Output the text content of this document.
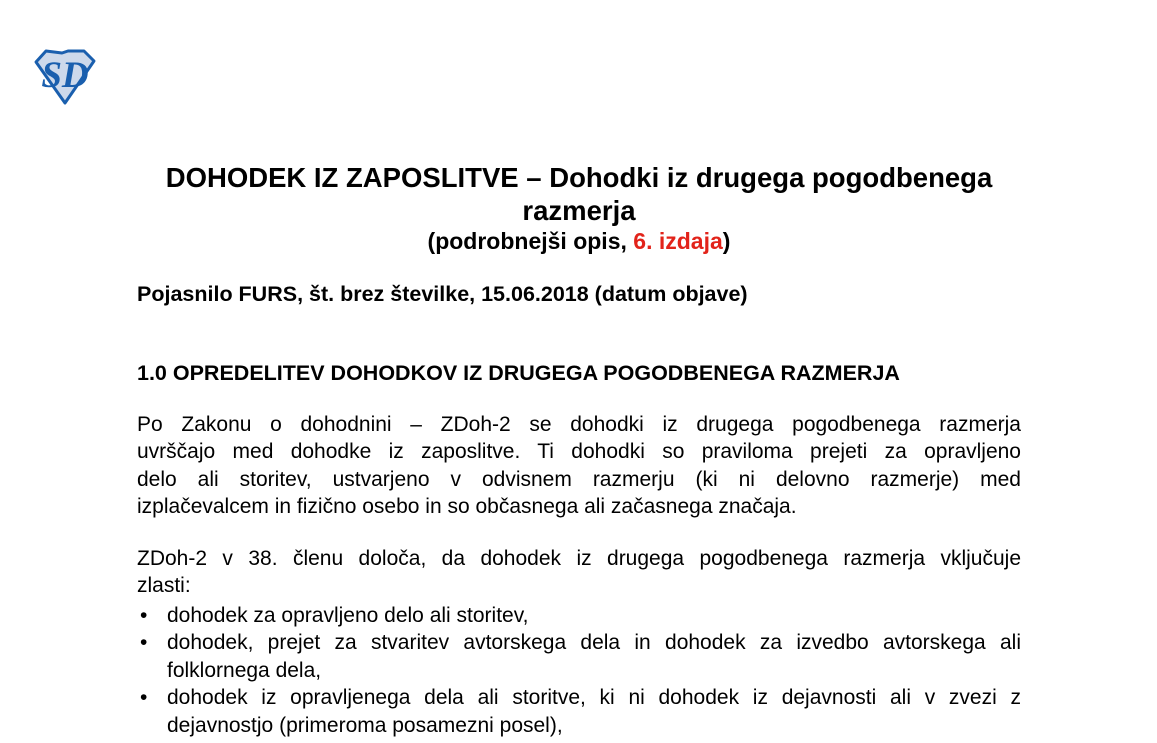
SD
DOHODEK IZ ZAPOSLITVE – Dohodki iz drugega pogodbenega
razmerja
(podrobnejši opis, 6. izdaja)
Pojasnilo FURS, št. brez številke, 15.06.2018 (datum objave)
1.0 OPREDELITEV DOHODKOV IZ DRUGEGA POGODBENEGA RAZMERJA
Po Zakonu o dohodnini – ZDoh-2 se dohodki iz drugega pogodbenega razmerja
uvrščajo med dohodke iz zaposlitve. Ti dohodki so praviloma prejeti za opravljeno
delo ali storitev, ustvarjeno v odvisnem razmerju (ki ni delovno razmerje) med
izplačevalcem in fizično osebo in so občasnega ali začasnega značaja.
ZDoh-2 v 38. členu določa, da dohodek iz drugega pogodbenega razmerja vključuje
zlasti:
• dohodek za opravljeno delo ali storitev,
• dohodek, prejet za stvaritev avtorskega dela in dohodek za izvedbo avtorskega ali
folklornega dela,
• dohodek iz opravljenega dela ali storitve, ki ni dohodek iz dejavnosti ali v zvezi z
dejavnostjo (primeroma posamezni posel),
